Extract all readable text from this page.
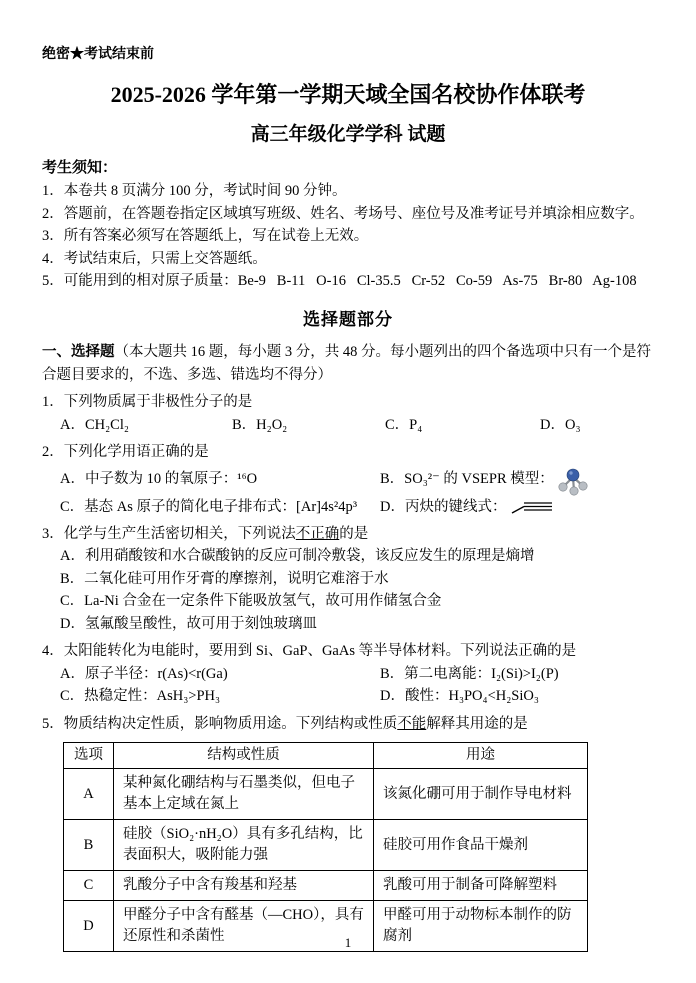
绝密★考试结束前
2025-2026 学年第一学期天域全国名校协作体联考
高三年级化学学科 试题
考生须知：
1．本卷共 8 页满分 100 分，考试时间 90 分钟。
2．答题前，在答题卷指定区域填写班级、姓名、考场号、座位号及准考证号并填涂相应数字。
3．所有答案必须写在答题纸上，写在试卷上无效。
4．考试结束后，只需上交答题纸。
5．可能用到的相对原子质量：Be-9   B-11   O-16   Cl-35.5   Cr-52   Co-59   As-75   Br-80   Ag-108
选择题部分
一、选择题（本大题共 16 题，每小题 3 分，共 48 分。每小题列出的四个备选项中只有一个是符合题目要求的，不选、多选、错选均不得分）
1．下列物质属于非极性分子的是
A．CH₂Cl₂	B．H₂O₂	C．P₄	D．O₃
2．下列化学用语正确的是
A．中子数为 10 的氧原子：¹⁶O	B．SO₃²⁻ 的 VSEPR 模型：
C．基态 As 原子的简化电子排布式：[Ar]4s²4p³ D．丙炔的键线式：
3．化学与生产生活密切相关，下列说法不正确的是
A．利用硝酸铵和水合碳酸钠的反应可制冷敷袋，该反应发生的原理是熵增
B．二氧化硅可用作牙膏的摩擦剂，说明它难溶于水
C．La-Ni 合金在一定条件下能吸放氢气，故可用作储氢合金
D．氢氟酸呈酸性，故可用于刻蚀玻璃皿
4．太阳能转化为电能时，要用到 Si、GaP、GaAs 等半导体材料。下列说法正确的是
A．原子半径：r(As)<r(Ga)	B．第二电离能：I₂(Si)>I₂(P)
C．热稳定性：AsH₃>PH₃	D．酸性：H₃PO₄<H₂SiO₃
5．物质结构决定性质，影响物质用途。下列结构或性质不能解释其用途的是
选项	结构或性质	用途
A	某种氮化硼结构与石墨类似，但电子基本上定域在氮上	该氮化硼可用于制作导电材料
B	硅胶（SiO₂·nH₂O）具有多孔结构，比表面积大，吸附能力强	硅胶可用作食品干燥剂
C	乳酸分子中含有羧基和羟基	乳酸可用于制备可降解塑料
D	甲醛分子中含有醛基（—CHO），具有还原性和杀菌性	甲醛可用于动物标本制作的防腐剂
1
